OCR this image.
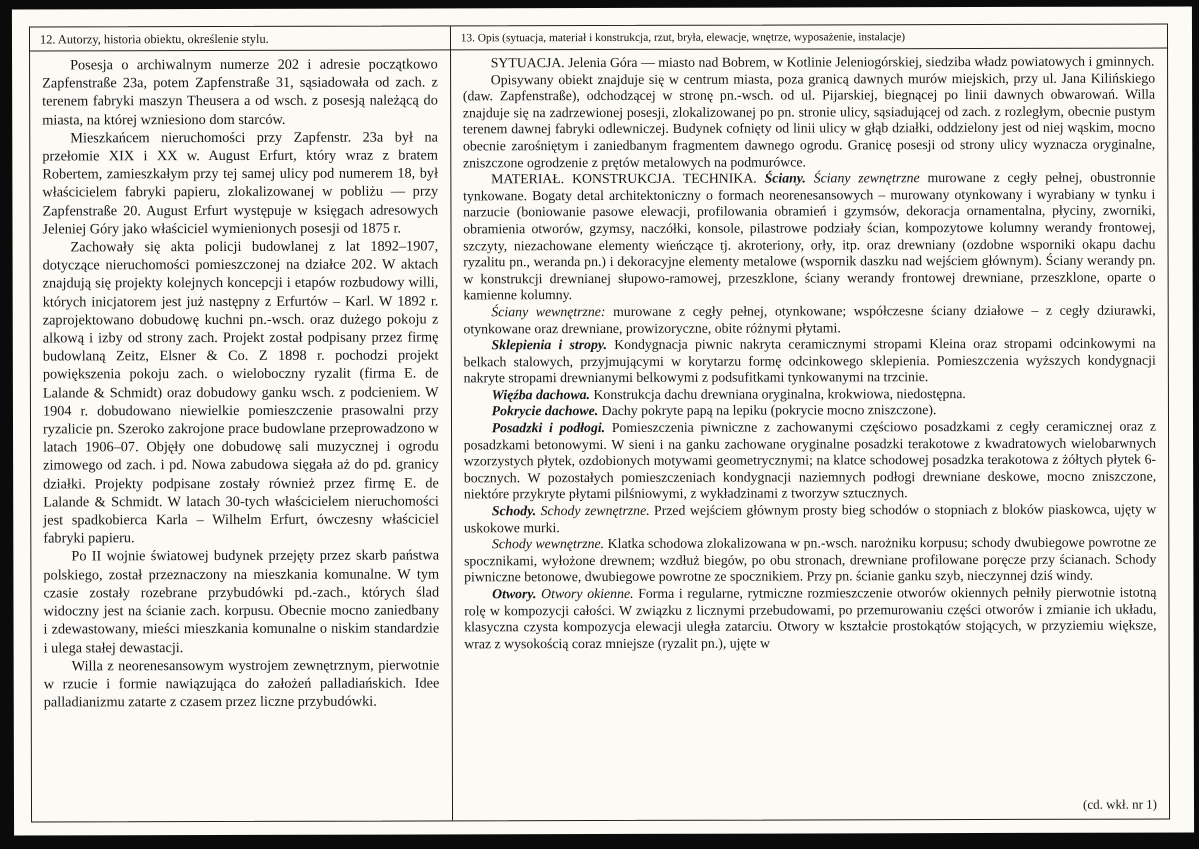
12. Autorzy, historia obiektu, określenie stylu.

Posesja o archiwalnym numerze 202 i adresie początkowo Zapfenstraße 23a, potem Zapfenstraße 31, sąsiadowała od zach. z terenem fabryki maszyn Theusera a od wsch. z posesją należącą do miasta, na której wzniesiono dom starców.

Mieszkańcem nieruchomości przy Zapfenstr. 23a był na przełomie XIX i XX w. August Erfurt, który wraz z bratem Robertem, zamieszkałym przy tej samej ulicy pod numerem 18, był właścicielem fabryki papieru, zlokalizowanej w pobliżu — przy Zapfenstraße 20. August Erfurt występuje w księgach adresowych Jeleniej Góry jako właściciel wymienionych posesji od 1875 r.

Zachowały się akta policji budowlanej z lat 1892–1907, dotyczące nieruchomości pomieszczonej na działce 202. W aktach znajdują się projekty kolejnych koncepcji i etapów rozbudowy willi, których inicjatorem jest już następny z Erfurtów – Karl. W 1892 r. zaprojektowano dobudowę kuchni pn.-wsch. oraz dużego pokoju z alkową i izby od strony zach. Projekt został podpisany przez firmę budowlaną Zeitz, Elsner & Co. Z 1898 r. pochodzi projekt powiększenia pokoju zach. o wieloboczny ryzalit (firma E. de Lalande & Schmidt) oraz dobudowy ganku wsch. z podcieniem. W 1904 r. dobudowano niewielkie pomieszczenie prasowalni przy ryzalicie pn. Szeroko zakrojone prace budowlane przeprowadzono w latach 1906–07. Objęły one dobudowę sali muzycznej i ogrodu zimowego od zach. i pd. Nowa zabudowa sięgała aż do pd. granicy działki. Projekty podpisane zostały również przez firmę E. de Lalande & Schmidt. W latach 30-tych właścicielem nieruchomości jest spadkobierca Karla – Wilhelm Erfurt, ówczesny właściciel fabryki papieru.

Po II wojnie światowej budynek przejęty przez skarb państwa polskiego, został przeznaczony na mieszkania komunalne. W tym czasie zostały rozebrane przybudówki pd.-zach., których ślad widoczny jest na ścianie zach. korpusu. Obecnie mocno zaniedbany i zdewastowany, mieści mieszkania komunalne o niskim standardzie i ulega stałej dewastacji.

Willa z neorenesansowym wystrojem zewnętrznym, pierwotnie w rzucie i formie nawiązująca do założeń palladiańskich. Idee palladianizmu zatarte z czasem przez liczne przybudówki.

13. Opis (sytuacja, materiał i konstrukcja, rzut, bryła, elewacje, wnętrze, wyposażenie, instalacje)

SYTUACJA. Jelenia Góra — miasto nad Bobrem, w Kotlinie Jeleniogórskiej, siedziba władz powiatowych i gminnych.

Opisywany obiekt znajduje się w centrum miasta, poza granicą dawnych murów miejskich, przy ul. Jana Kilińskiego (daw. Zapfenstraße), odchodzącej w stronę pn.-wsch. od ul. Pijarskiej, biegnącej po linii dawnych obwarowań. Willa znajduje się na zadrzewionej posesji, zlokalizowanej po pn. stronie ulicy, sąsiadującej od zach. z rozległym, obecnie pustym terenem dawnej fabryki odlewniczej. Budynek cofnięty od linii ulicy w głąb działki, oddzielony jest od niej wąskim, mocno obecnie zarośniętym i zaniedbanym fragmentem dawnego ogrodu. Granicę posesji od strony ulicy wyznacza oryginalne, zniszczone ogrodzenie z prętów metalowych na podmurówce.

MATERIAŁ. KONSTRUKCJA. TECHNIKA. Ściany. Ściany zewnętrzne murowane z cegły pełnej, obustronnie tynkowane. Bogaty detal architektoniczny o formach neorenesansowych – murowany otynkowany i wyrabiany w tynku i narzucie (boniowanie pasowe elewacji, profilowania obramień i gzymsów, dekoracja ornamentalna, płyciny, zworniki, obramienia otworów, gzymsy, naczółki, konsole, pilastrowe podziały ścian, kompozytowe kolumny werandy frontowej, szczyty, niezachowane elementy wieńczące tj. akroteriony, orły, itp. oraz drewniany (ozdobne wsporniki okapu dachu ryzalitu pn., weranda pn.) i dekoracyjne elementy metalowe (wspornik daszku nad wejściem głównym). Ściany werandy pn. w konstrukcji drewnianej słupowo-ramowej, przeszklone, ściany werandy frontowej drewniane, przeszklone, oparte o kamienne kolumny.

Ściany wewnętrzne: murowane z cegły pełnej, otynkowane; współczesne ściany działowe – z cegły dziurawki, otynkowane oraz drewniane, prowizoryczne, obite różnymi płytami.

Sklepienia i stropy. Kondygnacja piwnic nakryta ceramicznymi stropami Kleina oraz stropami odcinkowymi na belkach stalowych, przyjmującymi w korytarzu formę odcinkowego sklepienia. Pomieszczenia wyższych kondygnacji nakryte stropami drewnianymi belkowymi z podsufitkami tynkowanymi na trzcinie.

Więźba dachowa. Konstrukcja dachu drewniana oryginalna, krokwiowa, niedostępna.

Pokrycie dachowe. Dachy pokryte papą na lepiku (pokrycie mocno zniszczone).

Posadzki i podłogi. Pomieszczenia piwniczne z zachowanymi częściowo posadzkami z cegły ceramicznej oraz z posadzkami betonowymi. W sieni i na ganku zachowane oryginalne posadzki terakotowe z kwadratowych wielobarwnych wzorzystych płytek, ozdobionych motywami geometrycznymi; na klatce schodowej posadzka terakotowa z żółtych płytek 6-bocznych. W pozostałych pomieszczeniach kondygnacji naziemnych podłogi drewniane deskowe, mocno zniszczone, niektóre przykryte płytami pilśniowymi, z wykładzinami z tworzyw sztucznych.

Schody. Schody zewnętrzne. Przed wejściem głównym prosty bieg schodów o stopniach z bloków piaskowca, ujęty w uskokowe murki.

Schody wewnętrzne. Klatka schodowa zlokalizowana w pn.-wsch. narożniku korpusu; schody dwubiegowe powrotne ze spocznikami, wyłożone drewnem; wzdłuż biegów, po obu stronach, drewniane profilowane poręcze przy ścianach. Schody piwniczne betonowe, dwubiegowe powrotne ze spocznikiem. Przy pn. ścianie ganku szyb, nieczynnej dziś windy.

Otwory. Otwory okienne. Forma i regularne, rytmiczne rozmieszczenie otworów okiennych pełniły pierwotnie istotną rolę w kompozycji całości. W związku z licznymi przebudowami, po przemurowaniu części otworów i zmianie ich układu, klasyczna czysta kompozycja elewacji uległa zatarciu. Otwory w kształcie prostokątów stojących, w przyziemiu większe, wraz z wysokością coraz mniejsze (ryzalit pn.), ujęte w

(cd. wkł. nr 1)
